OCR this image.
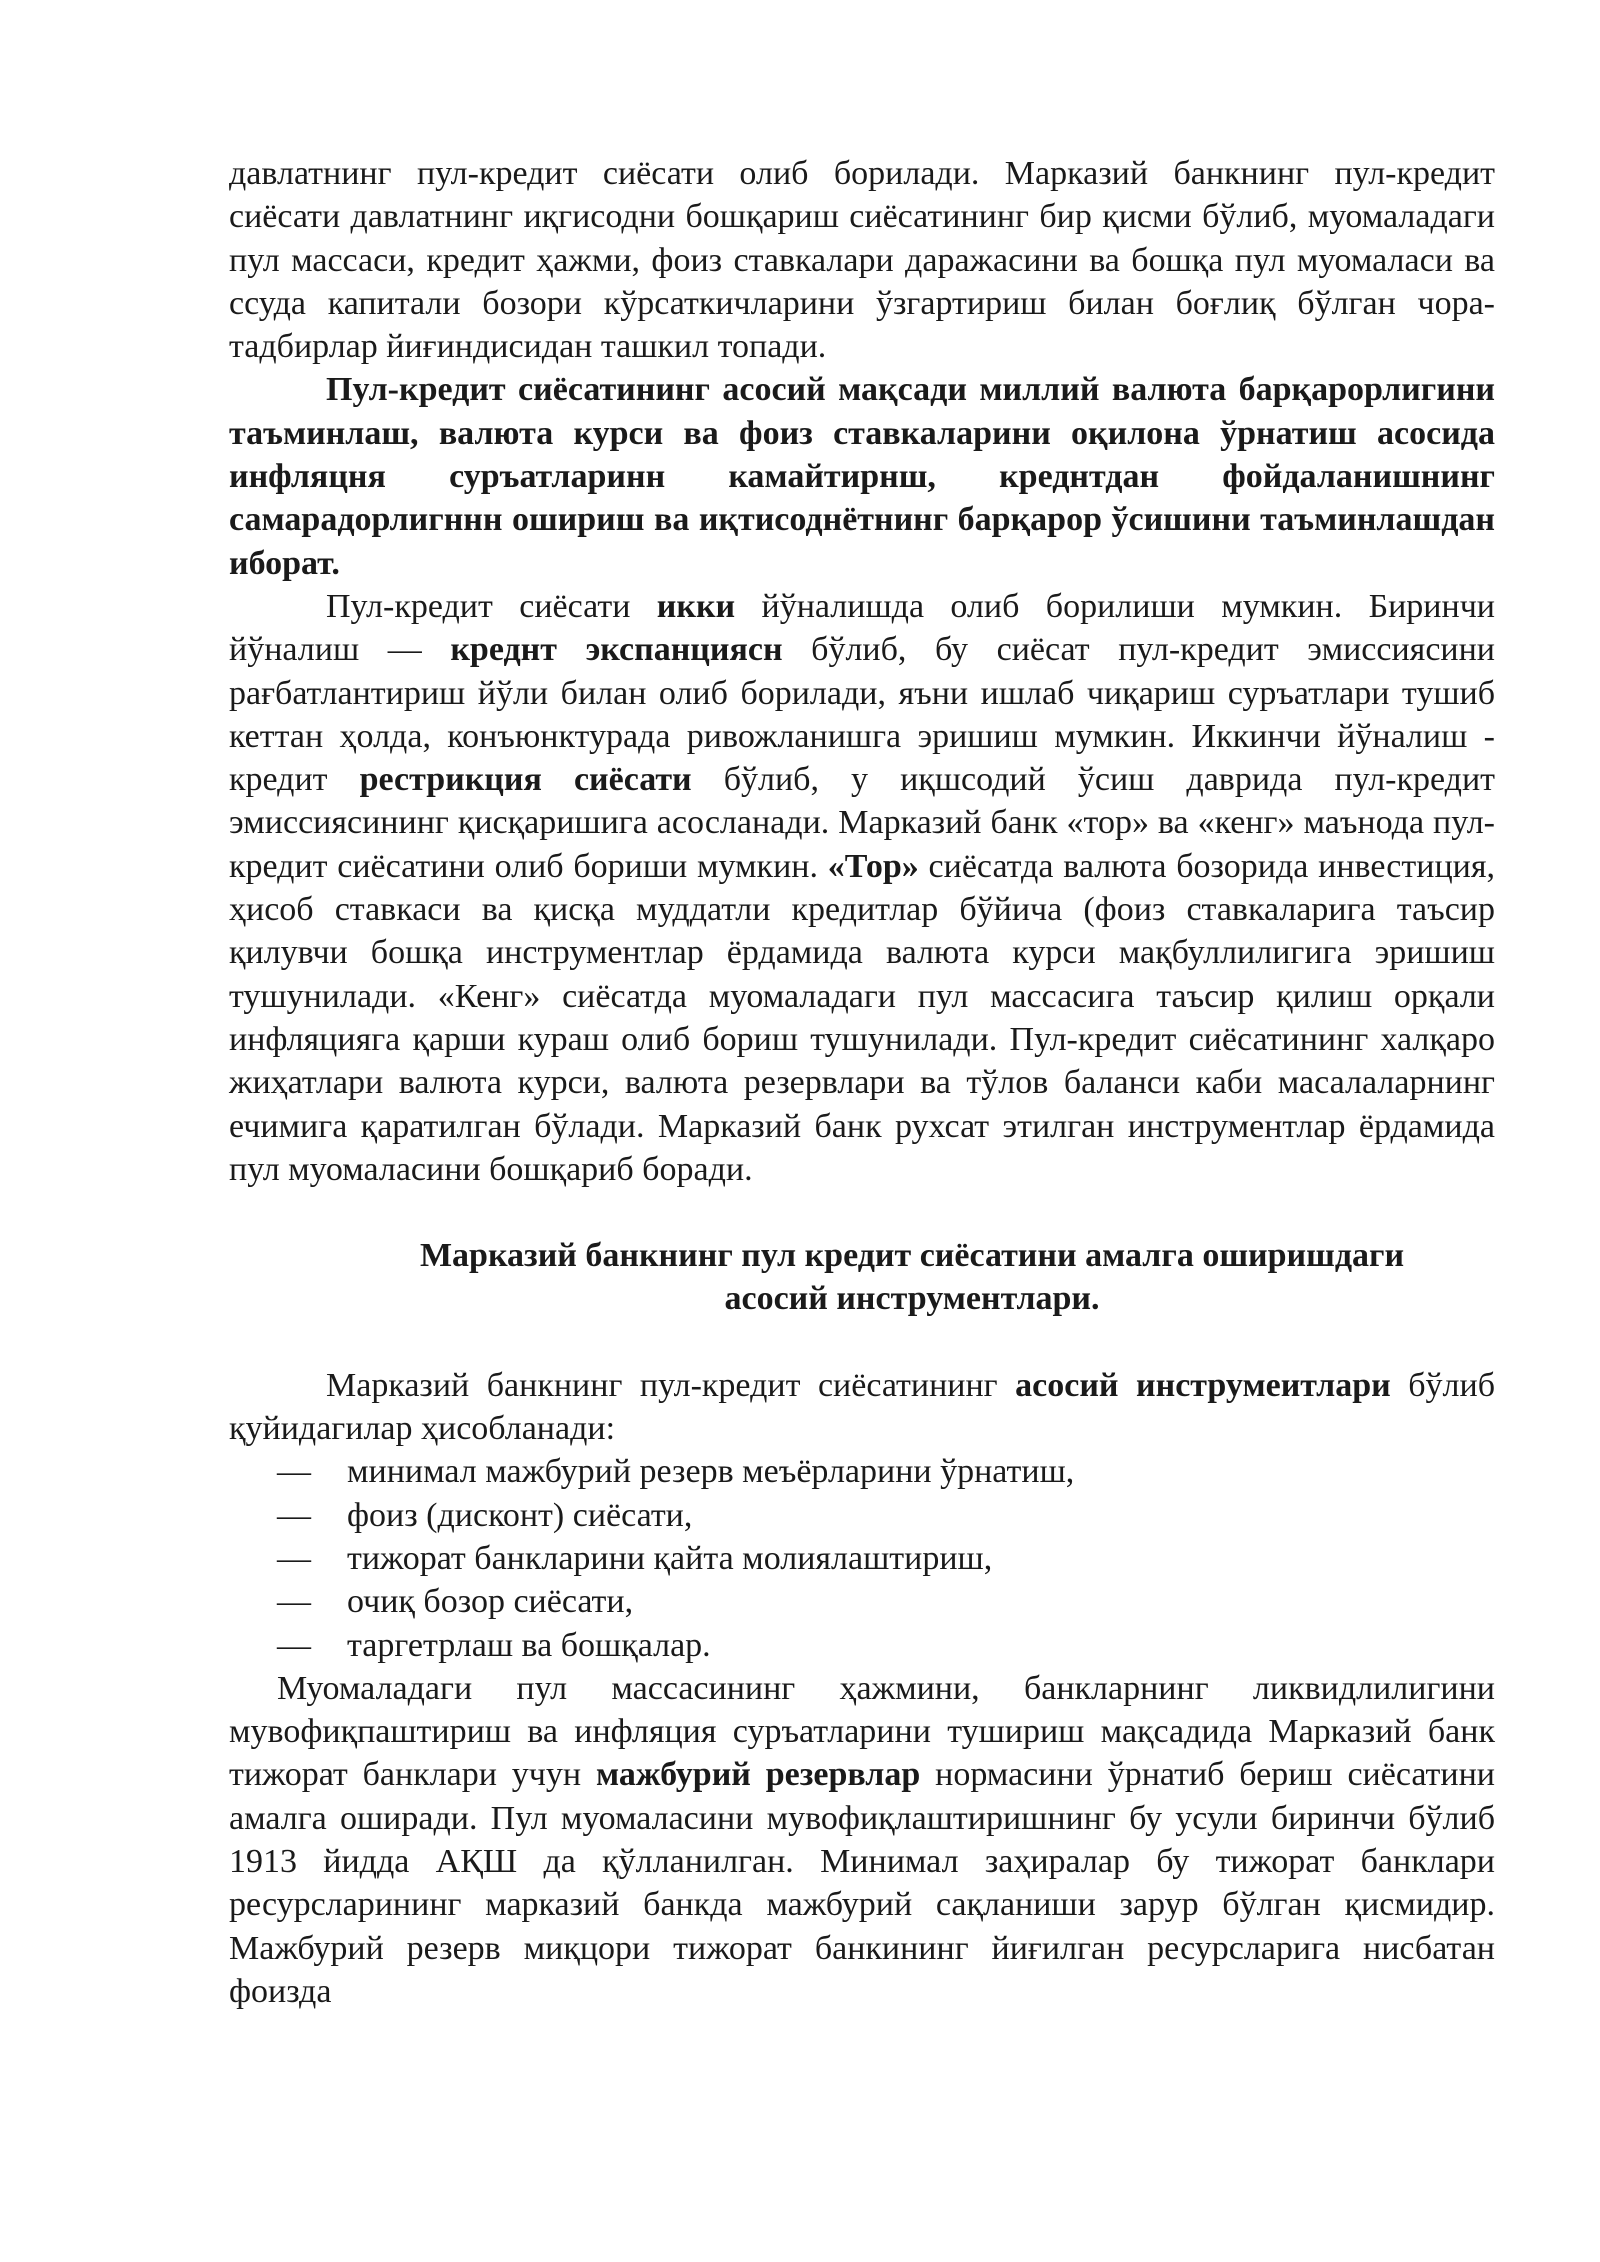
давлатнинг пул-кредит сиёсати олиб борилади. Марказий банкнинг пул-кредит сиёсати давлатнинг иқгисодни бошқариш сиёсатининг бир қисми бўлиб, муомаладаги пул массаси, кредит ҳажми, фоиз ставкалари даражасини ва бошқа пул муомаласи ва ссуда капитали бозори кўрсаткичларини ўзгартириш билан боғлиқ бўлган чора-тадбирлар йиғиндисидан ташкил топади.

Пул-кредит сиёсатининг асосий мақсади миллий валюта барқарорлигини таъминлаш, валюта курси ва фоиз ставкаларини оқилона ўрнатиш асосида инфляцня суръатларинн камайтирнш, креднтдан фойдаланишнинг самарадорлигннн ошириш ва иқтисоднётнинг барқарор ўсишини таъминлашдан иборат.

Пул-кредит сиёсати икки йўналишда олиб борилиши мумкин. Биринчи йўналиш — креднт экспанцияcн бўлиб, бу сиёсат пул-кредит эмиссиясини рағбатлантириш йўли билан олиб борилади, яъни ишлаб чиқариш суръатлари тушиб кеттан ҳолда, конъюнктурада ривожланишга эришиш мумкин. Иккинчи йўналиш - кредит рестрикция сиёсати бўлиб, у иқшсодий ўсиш даврида пул-кредит эмиссиясининг қисқаришига асосланади. Марказий банк «тор» ва «кенг» маънода пул-кредит сиёсатини олиб бориши мумкин. «Тор» сиёсатда валюта бозорида инвестиция, ҳисоб ставкаси ва қисқа муддатли кредитлар бўйича (фоиз ставкаларига таъсир қилувчи бошқа инструментлар ёрдамида валюта курси мақбуллилигига эришиш тушунилади. «Кенг» сиёсатда муомаладаги пул массасига таъсир қилиш орқали инфляцияга қарши кураш олиб бориш тушунилади. Пул-кредит сиёсатининг халқаро жиҳатлари валюта курси, валюта резервлари ва тўлов баланси каби масалаларнинг ечимига қаратилган бўлади. Марказий банк рухсат этилган инструментлар ёрдамида пул муомаласини бошқариб боради.

Марказий банкнинг пул кредит сиёсатини амалга оширишдаги
асосий инструментлари.

Марказий банкнинг пул-кредит сиёсатининг асосий инструмеитлари бўлиб қуйидагилар ҳисобланади:

— минимал мажбурий резерв меъёрларини ўрнатиш,
— фоиз (дисконт) сиёсати,
— тижорат банкларини қайта молиялаштириш,
— очиқ бозор сиёсати,
— таргетрлаш ва бошқалар.

Муомаладаги пул массасининг ҳажмини, банкларнинг ликвидлилигини мувофиқпаштириш ва инфляция суръатларини тушириш мақсадида Марказий банк тижорат банклари учун мажбурий резервлар нормасини ўрнатиб бериш сиёсатини амалга оширади. Пул муомаласини мувофиқлаштиришнинг бу усули биринчи бўлиб 1913 йидда АҚШ да қўлланилган. Минимал заҳиралар бу тижорат банклари ресурсларининг марказий банкда мажбурий сақланиши зарур бўлган қисмидир. Мажбурий резерв миқцори тижорат банкининг йиғилган ресурсларига нисбатан фоизда
